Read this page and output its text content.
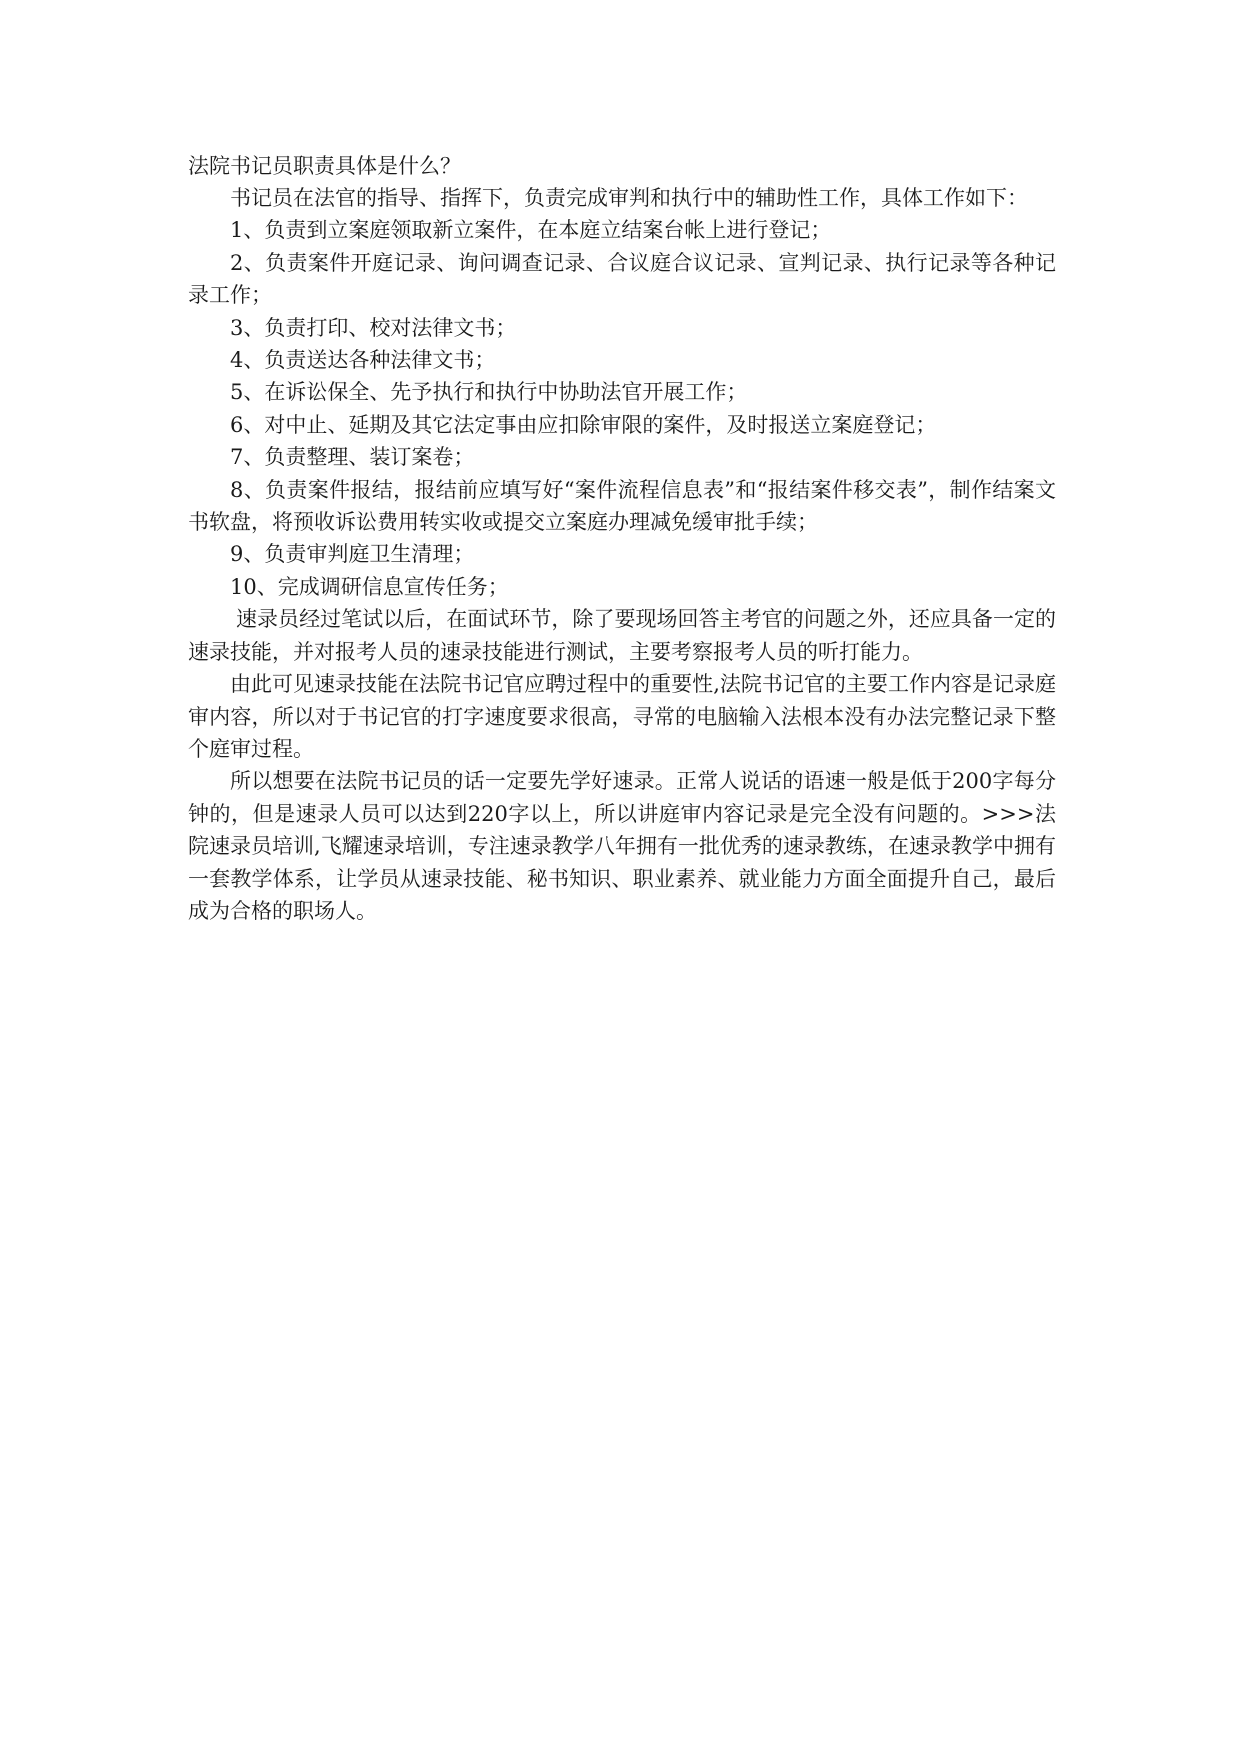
法院书记员职责具体是什么？

书记员在法官的指导、指挥下，负责完成审判和执行中的辅助性工作，具体工作如下：

1、负责到立案庭领取新立案件，在本庭立结案台帐上进行登记；

2、负责案件开庭记录、询问调查记录、合议庭合议记录、宣判记录、执行记录等各种记录工作；

3、负责打印、校对法律文书；

4、负责送达各种法律文书；

5、在诉讼保全、先予执行和执行中协助法官开展工作；

6、对中止、延期及其它法定事由应扣除审限的案件，及时报送立案庭登记；

7、负责整理、装订案卷；

8、负责案件报结，报结前应填写好“案件流程信息表”和“报结案件移交表”，制作结案文书软盘，将预收诉讼费用转实收或提交立案庭办理减免缓审批手续；

9、负责审判庭卫生清理；

10、完成调研信息宣传任务；

速录员经过笔试以后，在面试环节，除了要现场回答主考官的问题之外，还应具备一定的速录技能，并对报考人员的速录技能进行测试，主要考察报考人员的听打能力。

由此可见速录技能在法院书记官应聘过程中的重要性,法院书记官的主要工作内容是记录庭审内容，所以对于书记官的打字速度要求很高，寻常的电脑输入法根本没有办法完整记录下整个庭审过程。

所以想要在法院书记员的话一定要先学好速录。正常人说话的语速一般是低于200字每分钟的，但是速录人员可以达到220字以上，所以讲庭审内容记录是完全没有问题的。>>>法院速录员培训,飞耀速录培训，专注速录教学八年拥有一批优秀的速录教练，在速录教学中拥有一套教学体系，让学员从速录技能、秘书知识、职业素养、就业能力方面全面提升自己，最后成为合格的职场人。
